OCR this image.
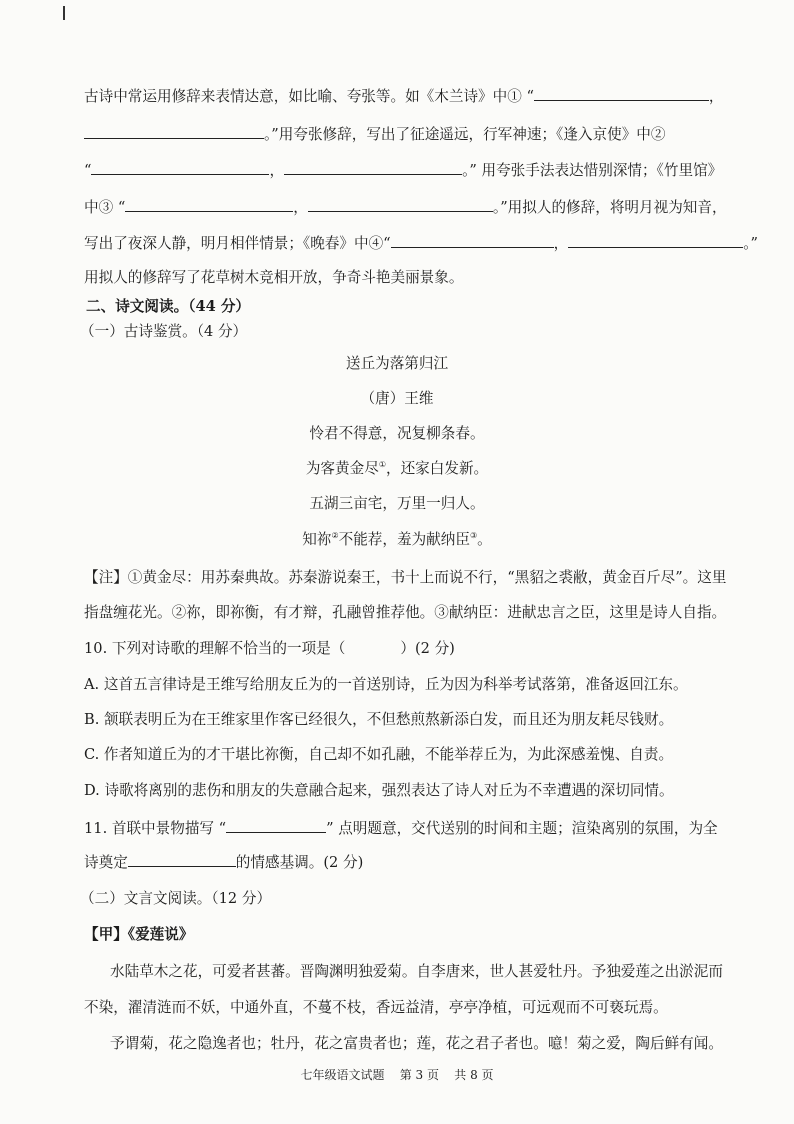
古诗中常运用修辞来表情达意，如比喻、夸张等。如《木兰诗》中① “	，
。”用夸张修辞，写出了征途遥远，行军神速；《逢入京使》中②
“	，	。” 用夸张手法表达惜别深情；《竹里馆》
中③ “	，	。”用拟人的修辞，将明月视为知音，
写出了夜深人静，明月相伴情景；《晚春》中④“	，	。”
用拟人的修辞写了花草树木竞相开放，争奇斗艳美丽景象。
二、诗文阅读。（44 分）
（一）古诗鉴赏。（4 分）
送丘为落第归江
（唐）王维
怜君不得意，况复柳条春。
为客黄金尽①，还家白发新。
五湖三亩宅，万里一归人。
知祢②不能荐，羞为献纳臣③。
【注】①黄金尽：用苏秦典故。苏秦游说秦王，书十上而说不行，“黑貂之裘敝，黄金百斤尽”。这里
指盘缠花光。②祢，即祢衡，有才辩，孔融曾推荐他。③献纳臣：进献忠言之臣，这里是诗人自指。
10. 下列对诗歌的理解不恰当的一项是（	）(2 分)
A. 这首五言律诗是王维写给朋友丘为的一首送别诗，丘为因为科举考试落第，准备返回江东。
B. 颔联表明丘为在王维家里作客已经很久，不但愁煎熬新添白发，而且还为朋友耗尽钱财。
C. 作者知道丘为的才干堪比祢衡，自己却不如孔融，不能举荐丘为，为此深感羞愧、自责。
D. 诗歌将离别的悲伤和朋友的失意融合起来，强烈表达了诗人对丘为不幸遭遇的深切同情。
11. 首联中景物描写 “	” 点明题意，交代送别的时间和主题；渲染离别的氛围，为全
诗奠定	的情感基调。(2 分)
（二）文言文阅读。（12 分）
【甲】《爱莲说》
水陆草木之花，可爱者甚蕃。晋陶渊明独爱菊。自李唐来，世人甚爱牡丹。予独爱莲之出淤泥而
不染，濯清涟而不妖，中通外直，不蔓不枝，香远益清，亭亭净植，可远观而不可亵玩焉。
予谓菊，花之隐逸者也；牡丹，花之富贵者也；莲，花之君子者也。噫！菊之爱，陶后鲜有闻。
七年级语文试题    第 3 页    共 8 页
